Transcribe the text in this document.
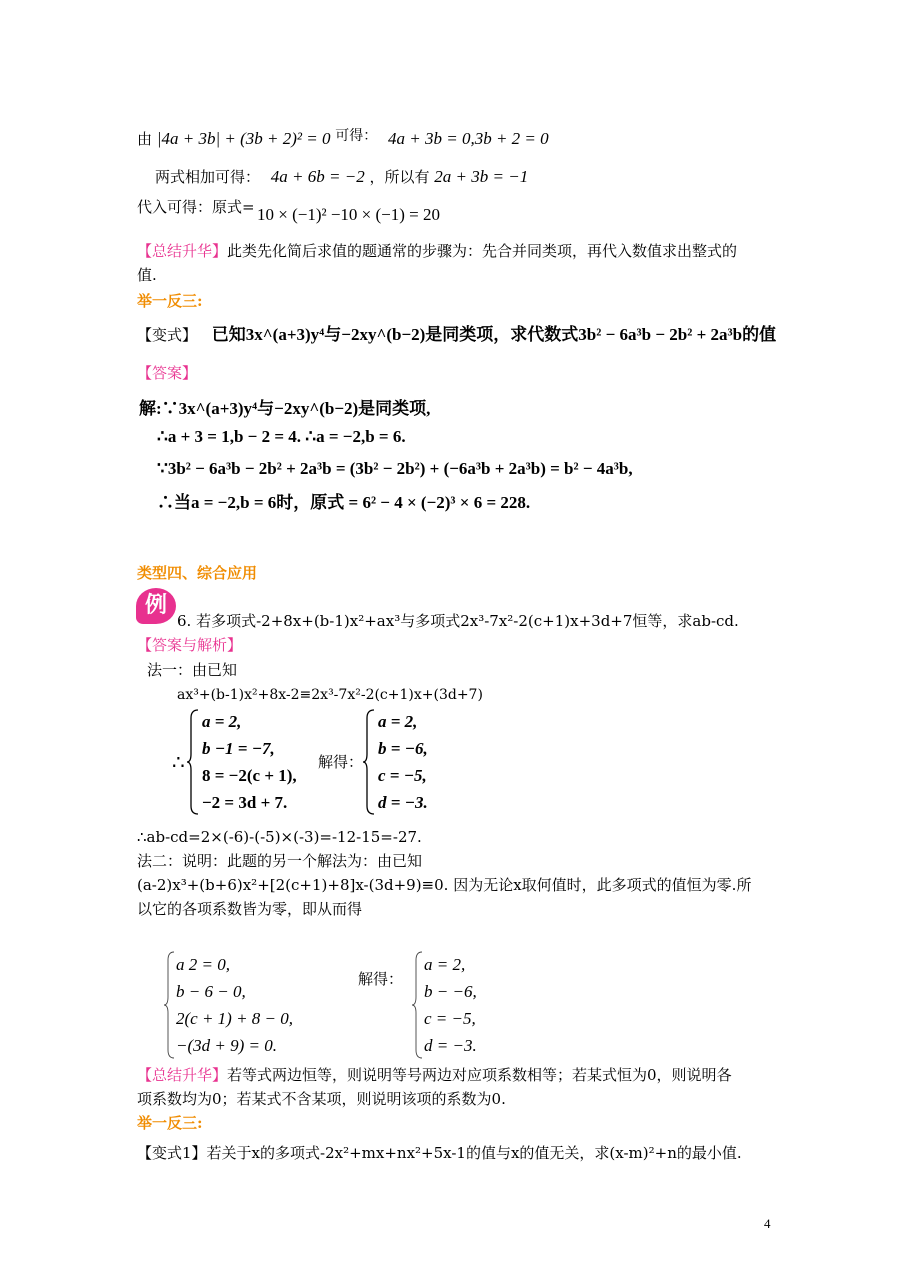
由 |4a + 3b| + (3b + 2)² = 0 可得： 4a + 3b = 0,3b + 2 = 0
两式相加可得： 4a + 6b = −2 ，所以有 2a + 3b = −1
代入可得：原式= 10 × (−1)² −10 × (−1) = 20
【总结升华】此类先化简后求值的题通常的步骤为：先合并同类项，再代入数值求出整式的
值.
举一反三:
【变式】 已知3x^(a+3)y⁴与−2xy^(b−2)是同类项，求代数式3b² − 6a³b − 2b² + 2a³b的值
【答案】
解:∵3x^(a+3)y⁴与−2xy^(b−2)是同类项,
∴a + 3 = 1,b − 2 = 4. ∴a = −2,b = 6.
∵3b² − 6a³b − 2b² + 2a³b = (3b² − 2b²) + (−6a³b + 2a³b) = b² − 4a³b,
∴当a = −2,b = 6时，原式 = 6² − 4 × (−2)³ × 6 = 228.
类型四、综合应用
例
6. 若多项式-2+8x+(b-1)x²+ax³与多项式2x³-7x²-2(c+1)x+3d+7恒等，求ab-cd.
【答案与解析】
法一：由已知
ax³+(b-1)x²+8x-2≡2x³-7x²-2(c+1)x+(3d+7)
∴
a = 2,
b −1 = −7,
8 = −2(c + 1),
−2 = 3d + 7.
解得：
a = 2,
b = −6,
c = −5,
d = −3.
∴ab-cd=2×(-6)-(-5)×(-3)=-12-15=-27.
法二：说明：此题的另一个解法为：由已知
(a-2)x³+(b+6)x²+[2(c+1)+8]x-(3d+9)≡0. 因为无论x取何值时，此多项式的值恒为零.所
以它的各项系数皆为零，即从而得
a 2 = 0,
b − 6 − 0,
2(c + 1) + 8 − 0,
−(3d + 9) = 0.
解得：
a = 2,
b − −6,
c = −5,
d = −3.
【总结升华】若等式两边恒等，则说明等号两边对应项系数相等；若某式恒为0，则说明各
项系数均为0；若某式不含某项，则说明该项的系数为0.
举一反三:
【变式1】若关于x的多项式-2x²+mx+nx²+5x-1的值与x的值无关，求(x-m)²+n的最小值.
4
